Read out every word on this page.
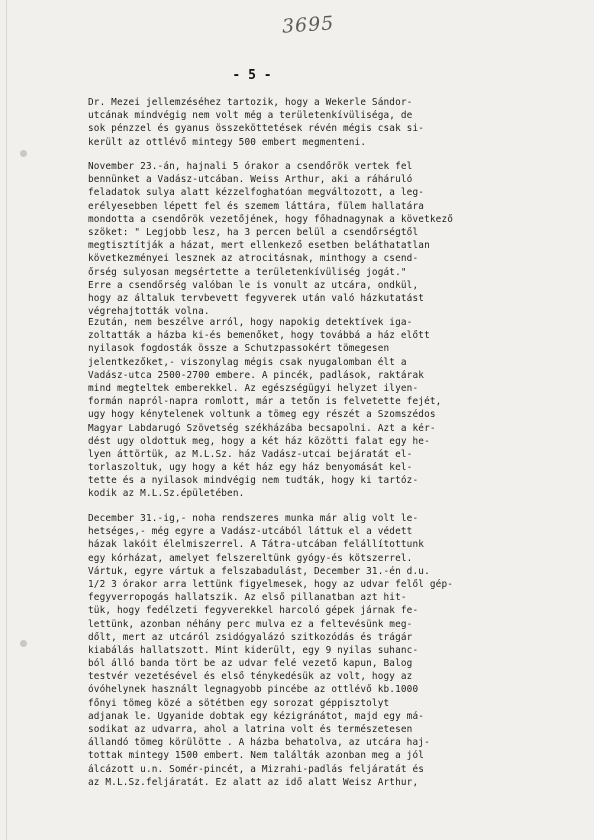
3695
- 5 -
Dr. Mezei jellemzéséhez tartozik, hogy a Wekerle Sándor-
utcának mindvégig nem volt még a területenkívüliséga, de
sok pénzzel és gyanus összeköttetések révén mégis csak si-
került az ottlévő mintegy 500 embert megmenteni.
November 23.-án, hajnali 5 órakor a csendőrök vertek fel
bennünket a Vadász-utcában. Weiss Arthur, aki a ráháruló
feladatok sulya alatt kézzelfoghatóan megváltozott, a leg-
erélyesebben lépett fel és szemem láttára, fülem hallatára
mondotta a csendőrök vezetőjének, hogy főhadnagynak a következő
szöket: " Legjobb lesz, ha 3 percen belül a csendőrségtől
megtisztítják a házat, mert ellenkező esetben beláthatatlan
következményei lesznek az atrocitásnak, minthogy a csend-
őrség sulyosan megsértette a területenkívüliség jogát."
Erre a csendőrség valóban le is vonult az utcára, ondkül,
hogy az általuk tervbevett fegyverek után való házkutatást
végrehajtották volna.
Ezután, nem beszélve arról, hogy napokig detektívek iga-
zoltatták a házba ki-és bemenőket, hogy továbbá a ház előtt
nyilasok fogdosták össze a Schutzpassokért tömegesen
jelentkezőket,- viszonylag mégis csak nyugalomban élt a
Vadász-utca 2500-2700 embere. A pincék, padlások, raktárak
mind megteltek emberekkel. Az egészségügyi helyzet ilyen-
formán napról-napra romlott, már a tetőn is felvetette fejét,
ugy hogy kénytelenek voltunk a tömeg egy részét a Szomszédos
Magyar Labdarugó Szövetség székházába becsapolni. Azt a kér-
dést ugy oldottuk meg, hogy a két ház közötti falat egy he-
lyen áttörtük, az M.L.Sz. ház Vadász-utcai bejáratát el-
torlaszoltuk, ugy hogy a két ház egy ház benyomását kel-
tette és a nyilasok mindvégig nem tudták, hogy ki tartóz-
kodik az M.L.Sz.épületében.
December 31.-ig,- noha rendszeres munka már alig volt le-
hetséges,- még egyre a Vadász-utcából láttuk el a védett
házak lakóit élelmiszerrel. A Tátra-utcában felállítottunk
egy kórházat, amelyet felszereltünk gyógy-és kötszerrel.
Vártuk, egyre vártuk a felszabadulást, December 31.-én d.u.
1/2 3 órakor arra lettünk figyelmesek, hogy az udvar felől gép-
fegyverropogás hallatszik. Az első pillanatban azt hit-
tük, hogy fedélzeti fegyverekkel harcoló gépek járnak fe-
lettünk, azonban néhány perc mulva ez a feltevésünk meg-
dőlt, mert az utcáról zsidógyalázó szitkozódás és trágár
kiabálás hallatszott. Mint kiderült, egy 9 nyilas suhanc-
ból álló banda tört be az udvar felé vezető kapun, Balog
testvér vezetésével és első ténykedésük az volt, hogy az
óvóhelynek használt legnagyobb pincébe az ottlévő kb.1000
főnyi tömeg közé a sötétben egy sorozat géppisztolyt
adjanak le. Ugyanide dobtak egy kézigránátot, majd egy má-
sodikat az udvarra, ahol a latrina volt és természetesen
állandó tömeg körülötte . A házba behatolva, az utcára haj-
tottak mintegy 1500 embert. Nem találták azonban meg a jól
álcázott u.n. Somér-pincét, a Mizrahi-padlás feljáratát és
az M.L.Sz.feljáratát. Ez alatt az idő alatt Weisz Arthur,
